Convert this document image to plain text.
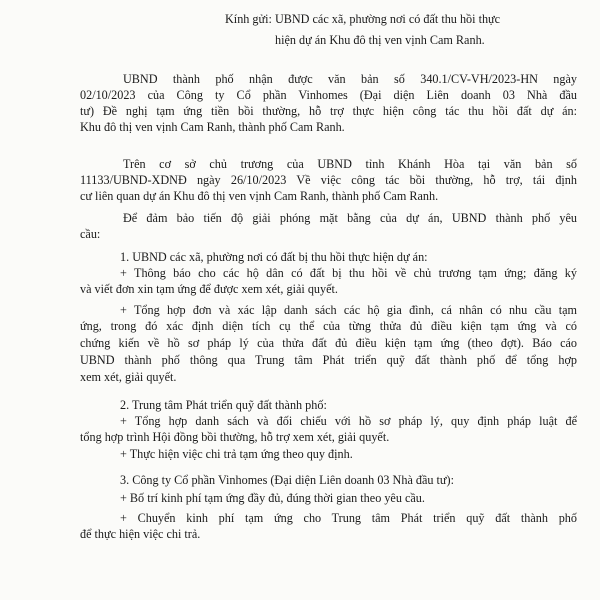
Kính gửi: UBND các xã, phường nơi có đất thu hồi thực
hiện dự án Khu đô thị ven vịnh Cam Ranh.
UBND thành phố nhận được văn bản số 340.1/CV-VH/2023-HN ngày
02/10/2023 của Công ty Cổ phần Vinhomes (Đại diện Liên doanh 03 Nhà đầu
tư) Đề nghị tạm ứng tiền bồi thường, hỗ trợ thực hiện công tác thu hồi đất dự án:
Khu đô thị ven vịnh Cam Ranh, thành phố Cam Ranh.
Trên cơ sở chủ trương của UBND tỉnh Khánh Hòa tại văn bản số
11133/UBND-XDNĐ ngày 26/10/2023 Về việc công tác bồi thường, hỗ trợ, tái định
cư liên quan dự án Khu đô thị ven vịnh Cam Ranh, thành phố Cam Ranh.
Để đảm bảo tiến độ giải phóng mặt bằng của dự án, UBND thành phố yêu
cầu:
1. UBND các xã, phường nơi có đất bị thu hồi thực hiện dự án:
+ Thông báo cho các hộ dân có đất bị thu hồi về chủ trương tạm ứng; đăng ký
và viết đơn xin tạm ứng để được xem xét, giải quyết.
+ Tổng hợp đơn và xác lập danh sách các hộ gia đình, cá nhân có nhu cầu tạm
ứng, trong đó xác định diện tích cụ thể của từng thửa đủ điều kiện tạm ứng và có
chứng kiến về hồ sơ pháp lý của thửa đất đủ điều kiện tạm ứng (theo đợt). Báo cáo
UBND thành phố thông qua Trung tâm Phát triển quỹ đất thành phố để tổng hợp
xem xét, giải quyết.
2. Trung tâm Phát triển quỹ đất thành phố:
+ Tổng hợp danh sách và đối chiếu với hồ sơ pháp lý, quy định pháp luật để
tổng hợp trình Hội đồng bồi thường, hỗ trợ xem xét, giải quyết.
+ Thực hiện việc chi trả tạm ứng theo quy định.
3. Công ty Cổ phần Vinhomes (Đại diện Liên doanh 03 Nhà đầu tư):
+ Bố trí kinh phí tạm ứng đầy đủ, đúng thời gian theo yêu cầu.
+ Chuyển kinh phí tạm ứng cho Trung tâm Phát triển quỹ đất thành phố
để thực hiện việc chi trả.
